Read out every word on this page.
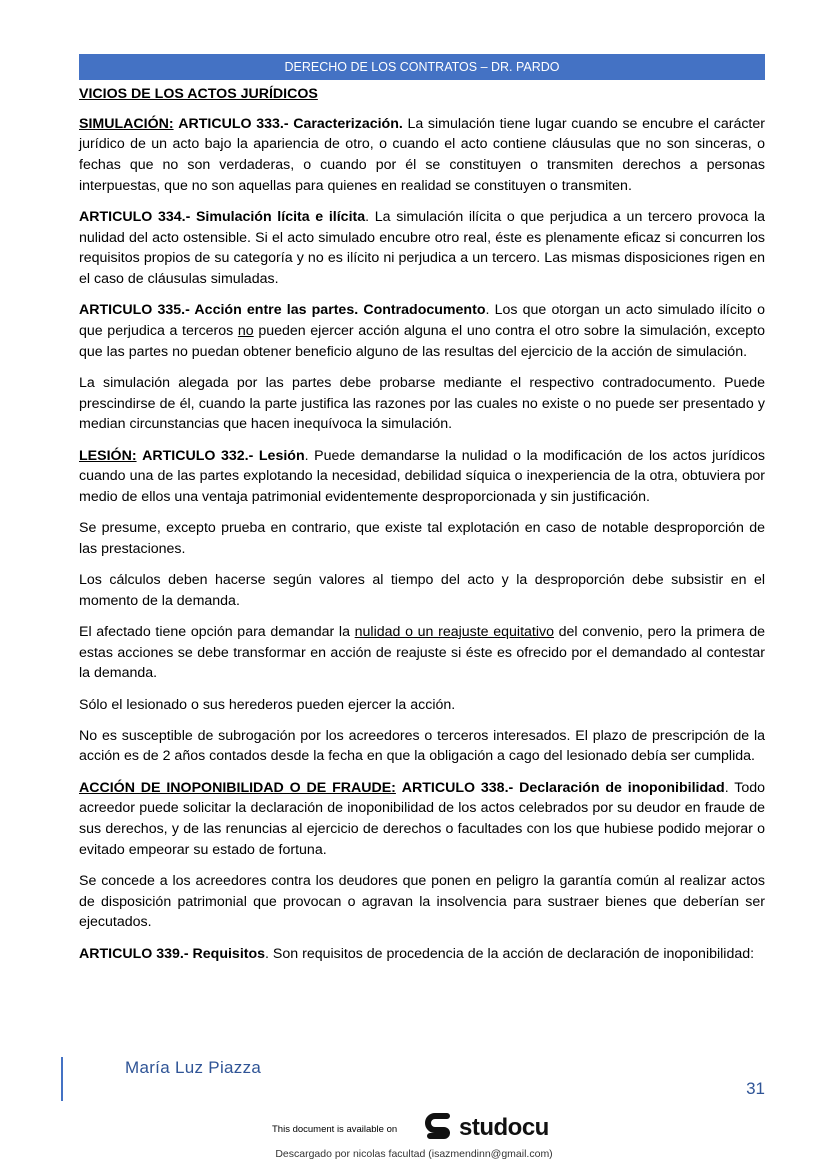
DERECHO DE LOS CONTRATOS – DR. PARDO

VICIOS DE LOS ACTOS JURÍDICOS

SIMULACIÓN: ARTICULO 333.- Caracterización. La simulación tiene lugar cuando se encubre el carácter jurídico de un acto bajo la apariencia de otro, o cuando el acto contiene cláusulas que no son sinceras, o fechas que no son verdaderas, o cuando por él se constituyen o transmiten derechos a personas interpuestas, que no son aquellas para quienes en realidad se constituyen o transmiten.

ARTICULO 334.- Simulación lícita e ilícita. La simulación ilícita o que perjudica a un tercero provoca la nulidad del acto ostensible. Si el acto simulado encubre otro real, éste es plenamente eficaz si concurren los requisitos propios de su categoría y no es ilícito ni perjudica a un tercero. Las mismas disposiciones rigen en el caso de cláusulas simuladas.

ARTICULO 335.- Acción entre las partes. Contradocumento. Los que otorgan un acto simulado ilícito o que perjudica a terceros no pueden ejercer acción alguna el uno contra el otro sobre la simulación, excepto que las partes no puedan obtener beneficio alguno de las resultas del ejercicio de la acción de simulación.

La simulación alegada por las partes debe probarse mediante el respectivo contradocumento. Puede prescindirse de él, cuando la parte justifica las razones por las cuales no existe o no puede ser presentado y median circunstancias que hacen inequívoca la simulación.

LESIÓN: ARTICULO 332.- Lesión. Puede demandarse la nulidad o la modificación de los actos jurídicos cuando una de las partes explotando la necesidad, debilidad síquica o inexperiencia de la otra, obtuviera por medio de ellos una ventaja patrimonial evidentemente desproporcionada y sin justificación.

Se presume, excepto prueba en contrario, que existe tal explotación en caso de notable desproporción de las prestaciones.

Los cálculos deben hacerse según valores al tiempo del acto y la desproporción debe subsistir en el momento de la demanda.

El afectado tiene opción para demandar la nulidad o un reajuste equitativo del convenio, pero la primera de estas acciones se debe transformar en acción de reajuste si éste es ofrecido por el demandado al contestar la demanda.

Sólo el lesionado o sus herederos pueden ejercer la acción.

No es susceptible de subrogación por los acreedores o terceros interesados. El plazo de prescripción de la acción es de 2 años contados desde la fecha en que la obligación a cago del lesionado debía ser cumplida.

ACCIÓN DE INOPONIBILIDAD O DE FRAUDE: ARTICULO 338.- Declaración de inoponibilidad. Todo acreedor puede solicitar la declaración de inoponibilidad de los actos celebrados por su deudor en fraude de sus derechos, y de las renuncias al ejercicio de derechos o facultades con los que hubiese podido mejorar o evitado empeorar su estado de fortuna.

Se concede a los acreedores contra los deudores que ponen en peligro la garantía común al realizar actos de disposición patrimonial que provocan o agravan la insolvencia para sustraer bienes que deberían ser ejecutados.

ARTICULO 339.- Requisitos. Son requisitos de procedencia de la acción de declaración de inoponibilidad:

María Luz Piazza
31
This document is available on	studocu
Descargado por nicolas facultad (isazmendinn@gmail.com)
